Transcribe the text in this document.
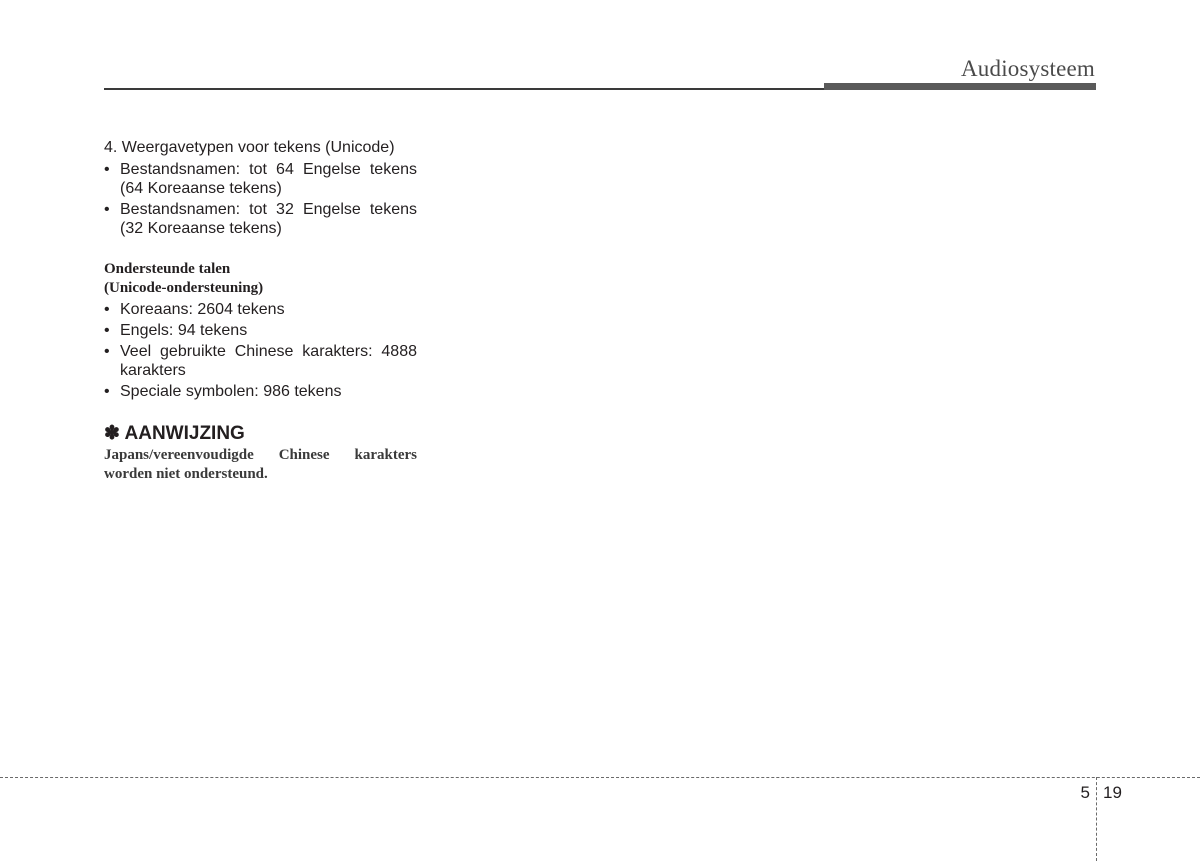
Audiosysteem

4. Weergavetypen voor tekens (Unicode)

• Bestandsnamen: tot 64 Engelse tekens (64 Koreaanse tekens)
• Bestandsnamen: tot 32 Engelse tekens (32 Koreaanse tekens)
Ondersteunde talen
(Unicode-ondersteuning)
• Koreaans: 2604 tekens
• Engels: 94 tekens
• Veel gebruikte Chinese karakters: 4888 karakters
• Speciale symbolen: 986 tekens
✽ AANWIJZING

Japans/vereenvoudigde Chinese karakters worden niet ondersteund.

5 19
